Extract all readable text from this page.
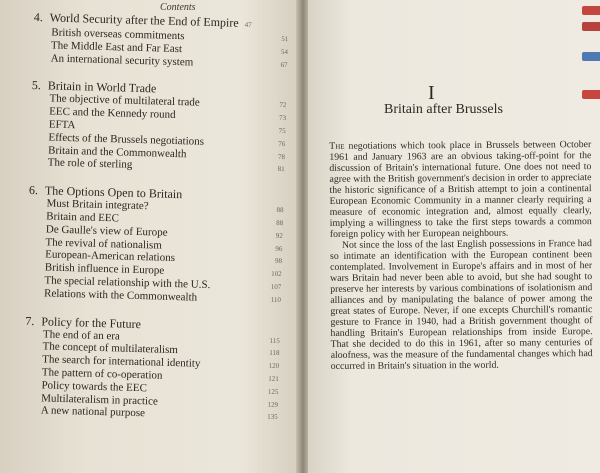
Contents
4. World Security after the End of Empire 47
British overseas commitments	51
The Middle East and Far East	54
An international security system	67
5. Britain in World Trade
The objective of multilateral trade	72
EEC and the Kennedy round	73
EFTA	75
Effects of the Brussels negotiations	76
Britain and the Commonwealth	78
The role of sterling	81
6. The Options Open to Britain
Must Britain integrate?	88
Britain and EEC	88
De Gaulle's view of Europe	92
The revival of nationalism	96
European-American relations	98
British influence in Europe	102
The special relationship with the U.S.	107
Relations with the Commonwealth	110
7. Policy for the Future
The end of an era	115
The concept of multilateralism	118
The search for international identity	120
The pattern of co-operation	121
Policy towards the EEC	125
Multilateralism in practice	129
A new national purpose	135
I
Britain after Brussels

The negotiations which took place in Brussels between October 1961 and January 1963 are an obvious taking-off-point for the discussion of Britain's international future. One does not need to agree with the British government's decision in order to appreciate the historic significance of a British attempt to join a continental European Economic Community in a manner clearly requiring a measure of economic integration and, almost equally clearly, implying a willingness to take the first steps towards a common foreign policy with her European neighbours.

Not since the loss of the last English possessions in France had so intimate an identification with the European continent been contemplated. Involvement in Europe's affairs and in most of her wars Britain had never been able to avoid, but she had sought to preserve her interests by various combinations of isolationism and alliances and by manipulating the balance of power among the great states of Europe. Never, if one excepts Churchill's romantic gesture to France in 1940, had a British government thought of handling Britain's European relationships from inside Europe. That she decided to do this in 1961, after so many centuries of aloofness, was the measure of the fundamental changes which had occurred in Britain's situation in the world.
